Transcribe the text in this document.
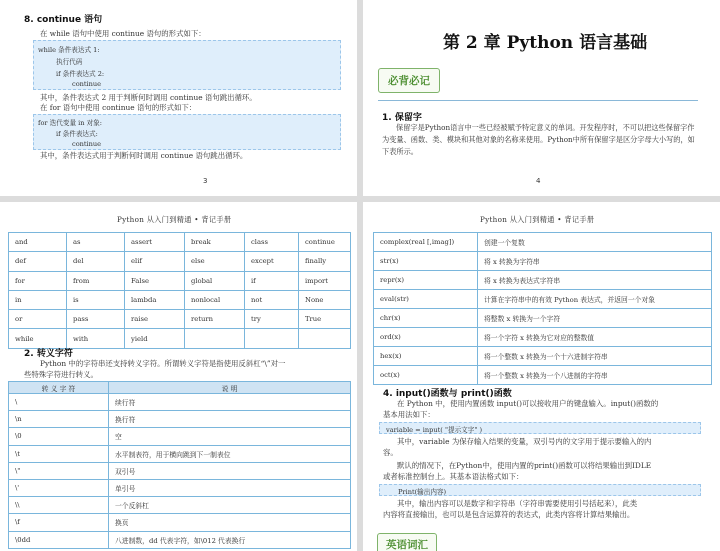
8. continue 语句
在 while 语句中使用 continue 语句的形式如下：
while 条件表达式 1:
执行代码
if 条件表达式 2:
continue
其中，条件表达式 2 用于判断何时调用 continue 语句跳出循环。
在 for 语句中使用 continue 语句的形式如下：
for 迭代变量 in 对象:
if 条件表达式:
continue
其中，条件表达式用于判断何时调用 continue 语句跳出循环。
3
第 2 章 Python 语言基础
必背必记
1. 保留字
保留字是Python语言中一些已经被赋予特定意义的单词。开发程序时，不可以把这些保留字作为变量、函数、类、模块和其他对象的名称来使用。Python中所有保留字是区分字母大小写的，如下表所示。
4
Python 从入门到精通 • 背记手册
and	as	assert	break	class	continue
def	del	elif	else	except	finally
for	from	False	global	if	import
in	is	lambda	nonlocal	not	None
or	pass	raise	return	try	True
while	with	yield			
2. 转义字符
Python 中的字符串还支持转义字符。所谓转义字符是指使用反斜杠“\”对一
些特殊字符进行转义。
转 义 字 符	说 明
\	续行符
\n	换行符
\0	空
\t	水平制表符，用于横向跳到下一制表位
\"	双引号
\'	单引号
\\	一个反斜杠
\f	换页
\0dd	八进制数，dd 代表字符，如\012 代表换行
Python 从入门到精通 • 背记手册
complex(real [,imag])	创建一个复数
str(x)	将 x 转换为字符串
repr(x)	将 x 转换为表达式字符串
eval(str)	计算在字符串中的有效 Python 表达式，并返回一个对象
chr(x)	将整数 x 转换为一个字符
ord(x)	将一个字符 x 转换为它对应的整数值
hex(x)	将一个整数 x 转换为一个十六进制字符串
oct(x)	将一个整数 x 转换为一个八进制的字符串
4. input()函数与 print()函数
在 Python 中，使用内置函数 input()可以接收用户的键盘输入。input()函数的
基本用法如下：
variable = input( "提示文字" )
其中，variable 为保存输入结果的变量，双引号内的文字用于提示要输入的内
容。
默认的情况下，在Python中，使用内置的print()函数可以将结果输出到IDLE
或者标准控制台上。其基本语法格式如下：
Print(输出内容)
其中，输出内容可以是数字和字符串（字符串需要使用引号括起来），此类
内容将直接输出，也可以是包含运算符的表达式，此类内容将计算结果输出。
英语词汇
